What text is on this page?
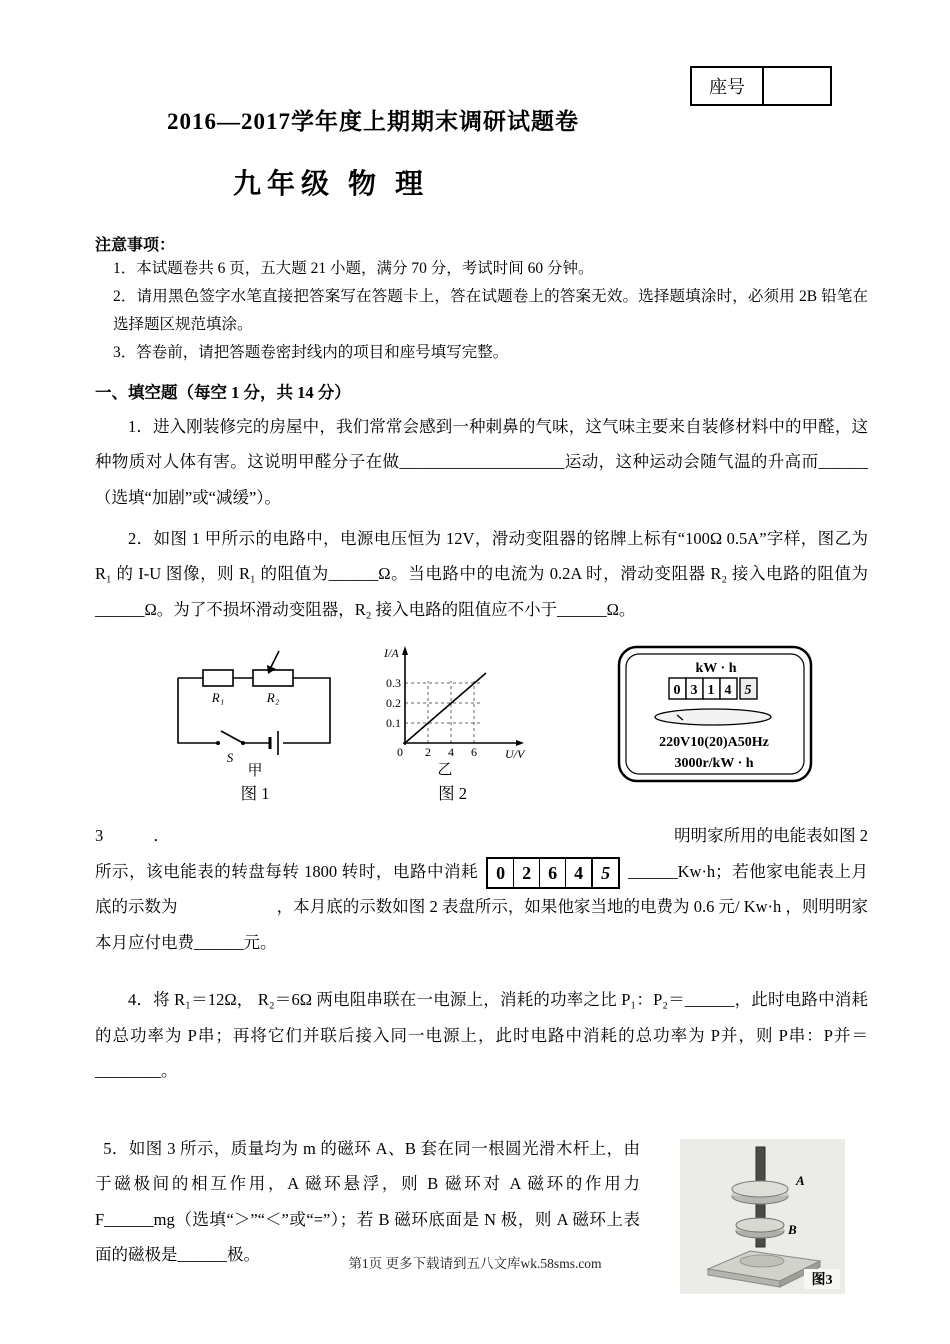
座号
2016—2017学年度上期期末调研试题卷
九年级 物 理
注意事项：
1．本试题卷共 6 页，五大题 21 小题，满分 70 分，考试时间 60 分钟。
2．请用黑色签字水笔直接把答案写在答题卡上，答在试题卷上的答案无效。选择题填涂时，必须用 2B 铅笔在选择题区规范填涂。
3．答卷前，请把答题卷密封线内的项目和座号填写完整。
一、填空题（每空 1 分，共 14 分）
1．进入刚装修完的房屋中，我们常常会感到一种刺鼻的气味，这气味主要来自装修材料中的甲醛，这种物质对人体有害。这说明甲醛分子在做____________________运动，这种运动会随气温的升高而______（选填“加剧”或“减缓”）。
2．如图 1 甲所示的电路中，电源电压恒为 12V，滑动变阻器的铭牌上标有“100Ω 0.5A”字样，图乙为 R₁ 的 I-U 图像，则 R₁ 的阻值为______Ω。当电路中的电流为 0.2A 时，滑动变阻器 R₂ 接入电路的阻值为______Ω。为了不损坏滑动变阻器，R₂ 接入电路的阻值应不小于______Ω。
R₁	R₂
S
甲
图 1
I/A
U/V
0.3
0.2
0.1
0 2 4 6
乙
图 2
kW · h
0 3 1 4 5
220V10(20)A50Hz
3000r/kW · h
3	．	明明家所用的电能表如图 2
所示，该电能表的转盘每转 1800 转时，电路中消耗	0 2 6 4	5	______Kw·h；若他家电能表上月底的示数为　　　　　　，本月底的示数如图 2 表盘所示，如果他家当地的电费为 0.6 元/ Kw·h ，则明明家本月应付电费______元。
4．将 R₁＝12Ω， R₂＝6Ω 两电阻串联在一电源上，消耗的功率之比 P₁：P₂＝______，此时电路中消耗的总功率为 P串；再将它们并联后接入同一电源上，此时电路中消耗的总功率为 P并，则 P串：P并＝ ________。
5．如图 3 所示，质量均为 m 的磁环 A、B 套在同一根圆光滑木杆上，由于磁极间的相互作用，A 磁环悬浮，则 B 磁环对 A 磁环的作用力 F______mg（选填“＞”“＜”或“=”）；若 B 磁环底面是 N 极，则 A 磁环上表面的磁极是______极。
A
B
图3
第1页 更多下载请到五八文库wk.58sms.com
